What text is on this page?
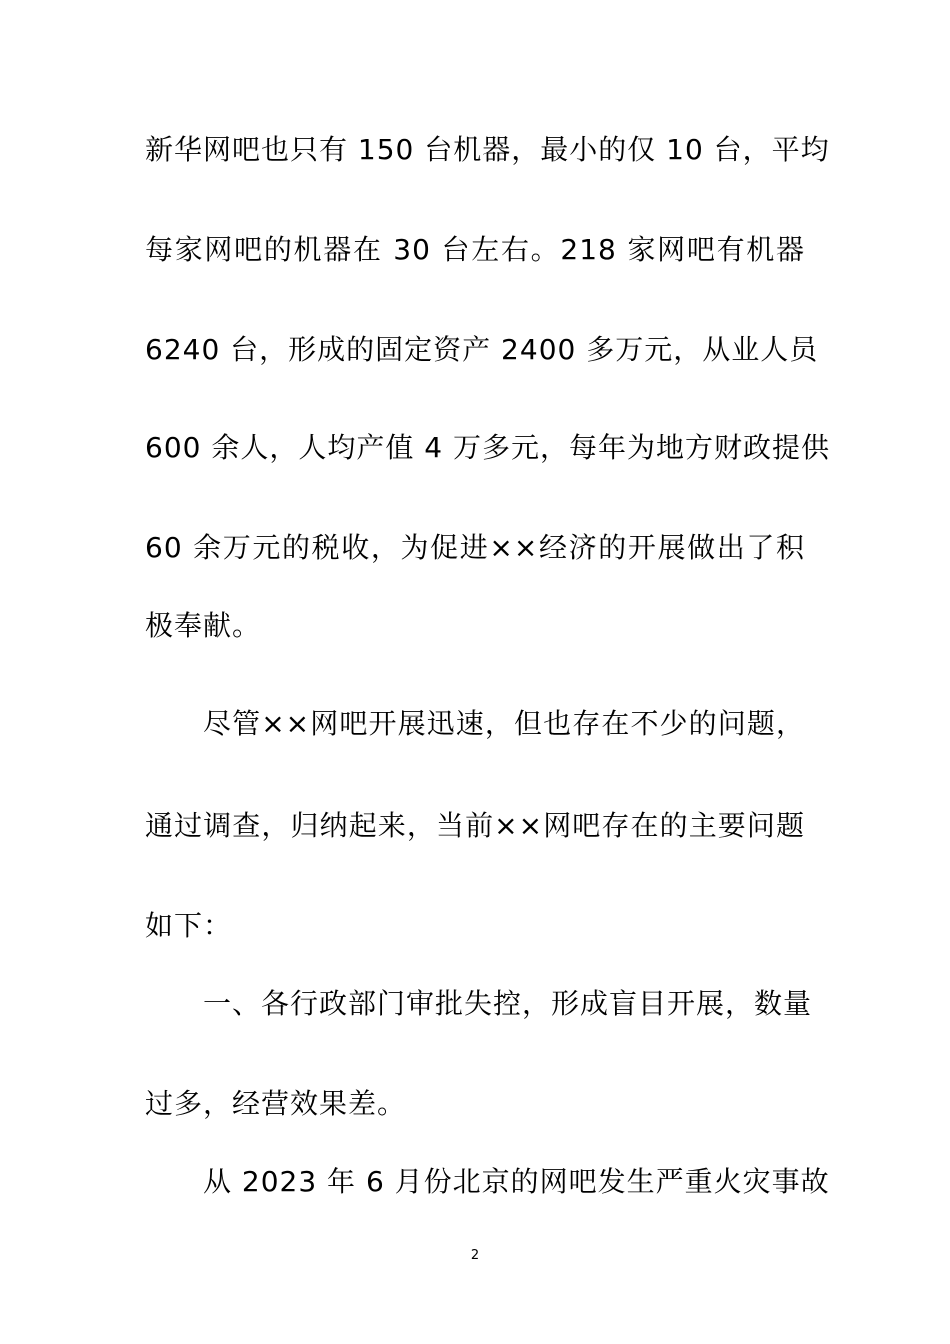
新华网吧也只有 150 台机器，最小的仅 10 台，平均
每家网吧的机器在 30 台左右。218 家网吧有机器
6240 台，形成的固定资产 2400 多万元，从业人员
600 余人，人均产值 4 万多元，每年为地方财政提供
60 余万元的税收，为促进××经济的开展做出了积
极奉献。
尽管××网吧开展迅速，但也存在不少的问题，
通过调查，归纳起来，当前××网吧存在的主要问题
如下：
一、各行政部门审批失控，形成盲目开展，数量
过多，经营效果差。
从 2023 年 6 月份北京的网吧发生严重火灾事故
2
